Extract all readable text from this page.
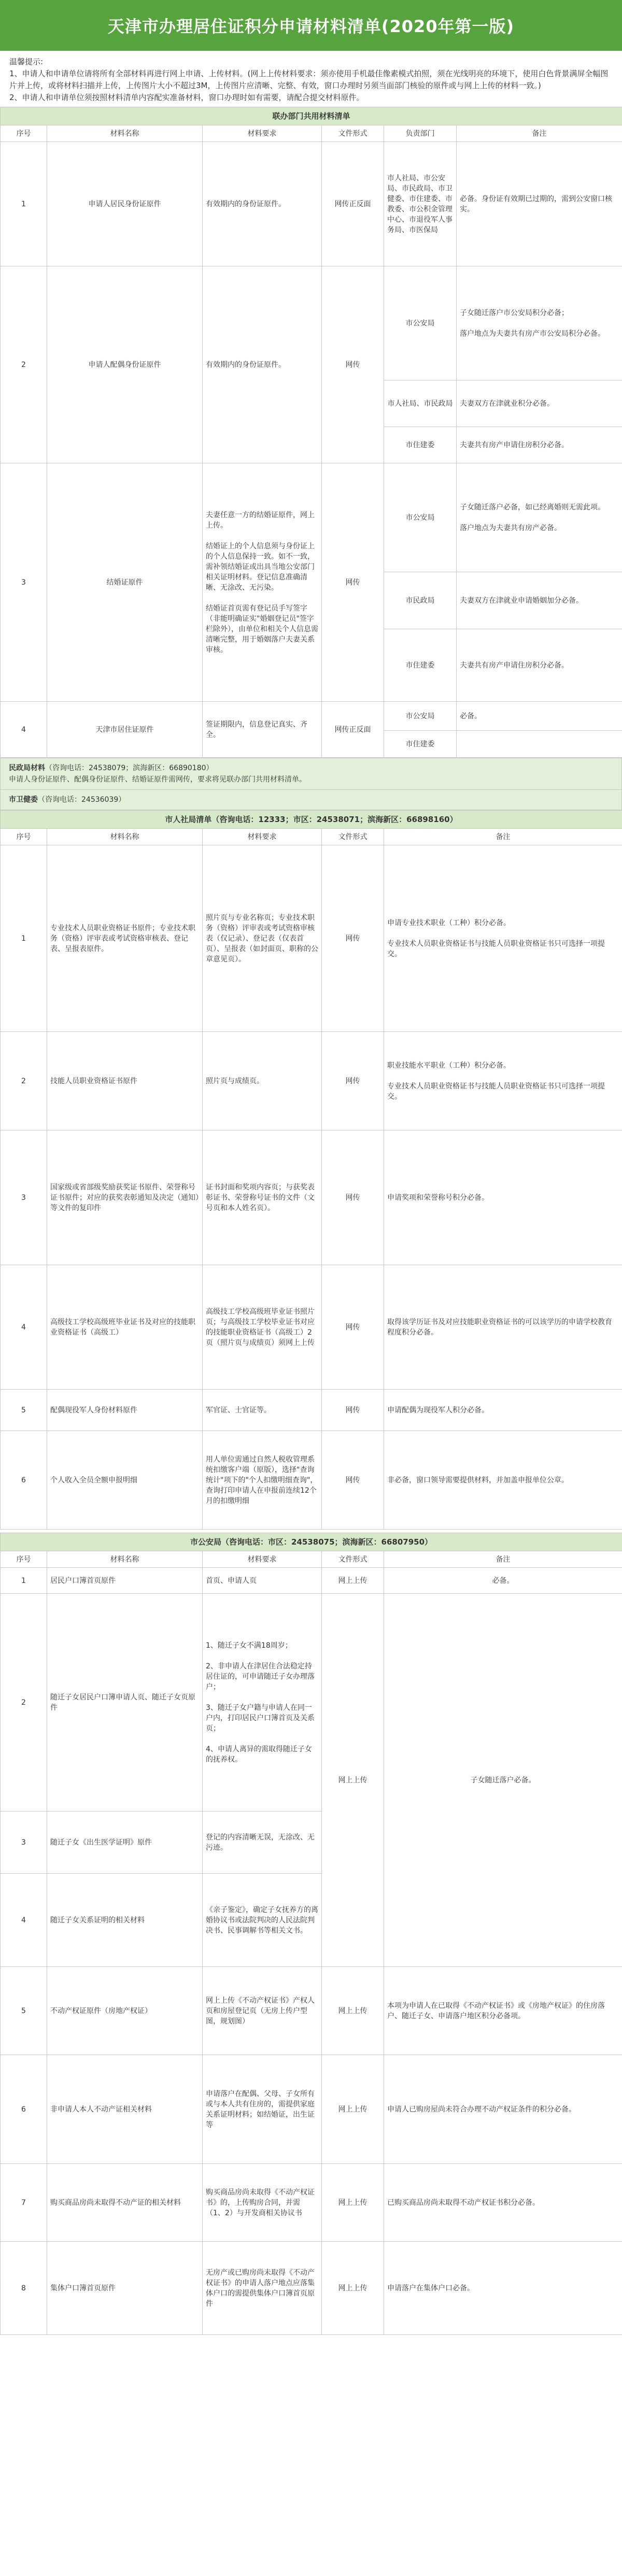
天津市办理居住证积分申请材料清单(2020年第一版)

温馨提示:

1、申请人和申请单位请将所有全部材料再进行网上申请、上传材料。(网上上传材料要求：须亦使用手机最佳像素模式拍照，须在光线明亮的环境下，使用白色背景满屏全幅图片并上传，或将材料扫描并上传，上传图片大小不超过3M，上传图片应清晰、完整、有效，窗口办理时另须当面部门核验的原件或与网上上传的材料一致。)

2、申请人和申请单位须按照材料清单内容配实准备材料，窗口办理时如有需要，请配合提交材料原件。

联办部门共用材料清单					
序号	材料名称	材料要求	文件形式	负责部门	备注
1	申请人居民身份证原件	有效期内的身份证原件。	网传正反面	市人社局、市公安局、市民政局、市卫健委、市住建委、市教委、市公积金管理中心、市退役军人事务局、市医保局	必备。身份证有效期已过期的，需到公安窗口核实。
2	申请人配偶身份证原件	有效期内的身份证原件。	网传	市公安局	子女随迁落户市公安局积分必备；

落户地点为夫妻共有房产市公安局积分必备。
				市人社局、市民政局	夫妻双方在津就业积分必备。
				市住建委	夫妻共有房产申请住房积分必备。
3	结婚证原件	夫妻任意一方的结婚证原件，网上上传。

结婚证上的个人信息须与身份证上的个人信息保持一致。如不一致，需补领结婚证或出具当地公安部门相关证明材料。登记信息准确清晰、无涂改、无污染。

结婚证首页需有登记员手写签字（非能明确证实"婚姻登记员"签字栏除外），由单位和相关个人信息需清晰完整，用于婚姻落户夫妻关系审核。	网传	市公安局	子女随迁落户必备，如已经离婚则无需此项。

落户地点为夫妻共有房产必备。
				市民政局	夫妻双方在津就业申请婚姻加分必备。
				市住建委	夫妻共有房产申请住房积分必备。
4	天津市居住证原件	签证期限内，信息登记真实、齐全。	网传正反面	市公安局	必备。
				市住建委	
民政局材料（咨询电话：24538079；滨海新区：66890180）
申请人身份证原件、配偶身份证原件、结婚证原件需网传，要求将见联办部门共用材料清单。
市卫健委（咨询电话：24536039）
市人社局清单（咨询电话：12333；市区：24538071；滨海新区：66898160）				
序号	材料名称	材料要求	文件形式	备注
1	专业技术人员职业资格证书原件；专业技术职务（资格）评审表或考试资格审核表、登记表、呈报表原件。	照片页与专业名称页；专业技术职务（资格）评审表或考试资格审核表（仅记录）、登记表（仅表首页）、呈报表（如封面页、职称的公章意见页）。	网传	申请专业技术职业（工种）积分必备。

专业技术人员职业资格证书与技能人员职业资格证书只可选择一项提交。
2	技能人员职业资格证书原件	照片页与成绩页。	网传	职业技能水平职业（工种）积分必备。

专业技术人员职业资格证书与技能人员职业资格证书只可选择一项提交。
3	国家级或省部级奖励获奖证书原件、荣誉称号证书原件；对应的获奖表彰通知及决定（通知）等文件的复印件	证书封面和奖项内容页；与获奖表彰证书、荣誉称号证书的文件（文号页和本人姓名页）。	网传	申请奖项和荣誉称号积分必备。
4	高级技工学校高级班毕业证书及对应的技能职业资格证书（高级工）	高级技工学校高级班毕业证书照片页；与高级技工学校毕业证书对应的技能职业资格证书（高级工）2页（照片页与成绩页）须网上上传	网传	取得该学历证书及对应技能职业资格证书的可以该学历的申请学校教育程度积分必备。
5	配偶现役军人身份材料原件	军官证、士官证等。	网传	申请配偶为现役军人积分必备。
6	个人收入全员全额申报明细	用人单位需通过自然人税收管理系统扣缴客户端（原版），选择"查询统计"项下的"个人扣缴明细查询"，查询打印申请人在申报前连续12个月的扣缴明细	网传	非必备，窗口领导需要提供材料，并加盖申报单位公章。
市公安局（咨询电话：市区：24538075；滨海新区：66807950）				
序号	材料名称	材料要求	文件形式	备注
1	居民户口簿首页原件	首页、申请人页	网上上传	必备。
2	随迁子女居民户口簿申请人页、随迁子女页原件	1、随迁子女不满18周岁；

2、非申请人在津居住合法稳定持居住证的，可申请随迁子女办理落户；

3、随迁子女户籍与申请人在同一户内，打印居民户口簿首页及关系页；

4、申请人离异的需取得随迁子女的抚养权。	网上上传	子女随迁落户必备。
3	随迁子女《出生医学证明》原件	登记的内容清晰无误，无涂改、无污迹。		
4	随迁子女关系证明的相关材料	《亲子鉴定》，确定子女抚养方的离婚协议书或法院判决的人民法院判决书、民事调解书等相关文书。		
5	不动产权证原件（房地产权证）	网上上传《不动产权证书》产权人页和房屋登记页（无房上传户型图，规划图）	网上上传	本项为申请人在已取得《不动产权证书》或《房地产权证》的住房落户、随迁子女、申请落户地区积分必备项。
6	非申请人本人不动产证相关材料	申请落户在配偶、父母、子女所有或与本人共有住房的，需提供家庭关系证明材料；如结婚证，出生证等	网上上传	申请人已购房屋尚未符合办理不动产权证条件的积分必备。
7	购买商品房尚未取得不动产证的相关材料	购买商品房尚未取得《不动产权证书》的，上传购房合同，并需（1、2）与开发商相关协议书	网上上传	已购买商品房尚未取得不动产权证书积分必备。
8	集体户口簿首页原件	无房产或已购房尚未取得《不动产权证书》的申请人落户地点应落集体户口的需提供集体户口簿首页原件	网上上传	申请落户在集体户口必备。
